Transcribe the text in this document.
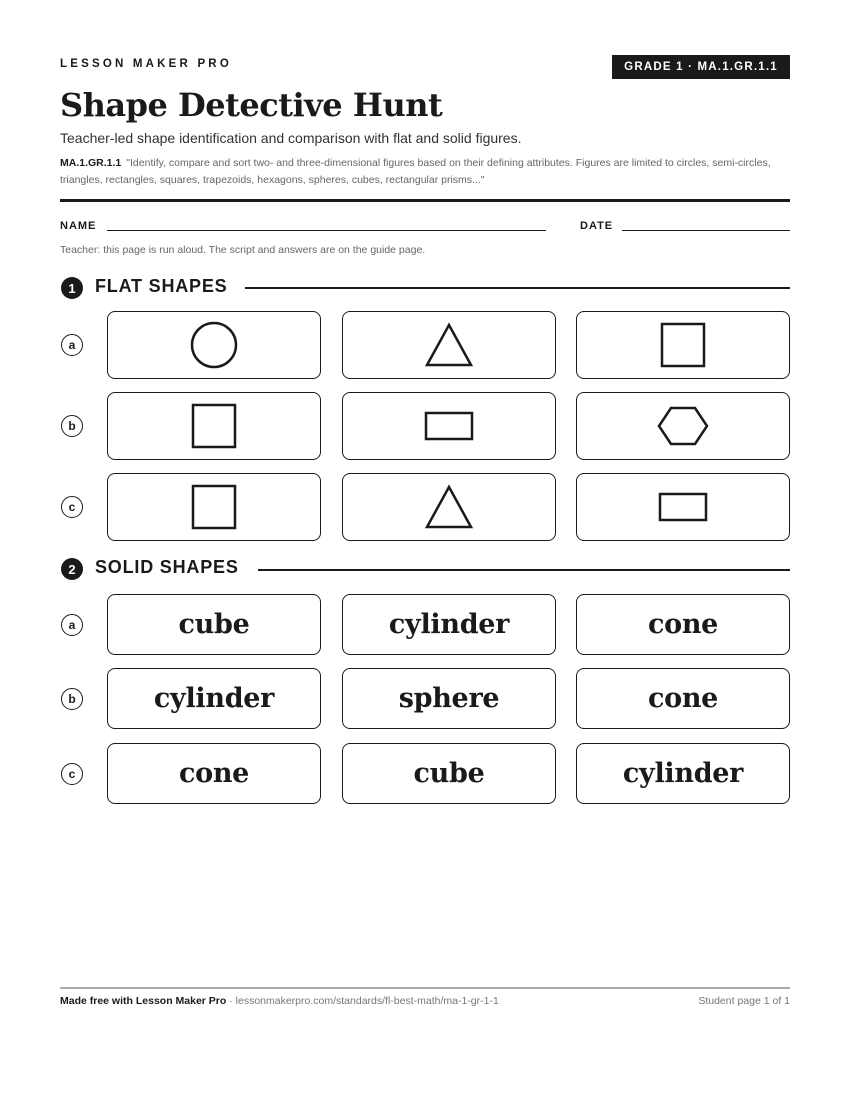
LESSON MAKER PRO	GRADE 1 · MA.1.GR.1.1
Shape Detective Hunt
Teacher-led shape identification and comparison with flat and solid figures.
MA.1.GR.1.1 "Identify, compare and sort two- and three-dimensional figures based on their defining attributes. Figures are limited to circles, semi-circles, triangles, rectangles, squares, trapezoids, hexagons, spheres, cubes, rectangular prisms..."
NAME	DATE
Teacher: this page is run aloud. The script and answers are on the guide page.
1	FLAT SHAPES
a
b
c
2	SOLID SHAPES
a	cube	cylinder	cone
b	cylinder	sphere	cone
c	cone	cube	cylinder
Made free with Lesson Maker Pro · lessonmakerpro.com/standards/fl-best-math/ma-1-gr-1-1	Student page 1 of 1
